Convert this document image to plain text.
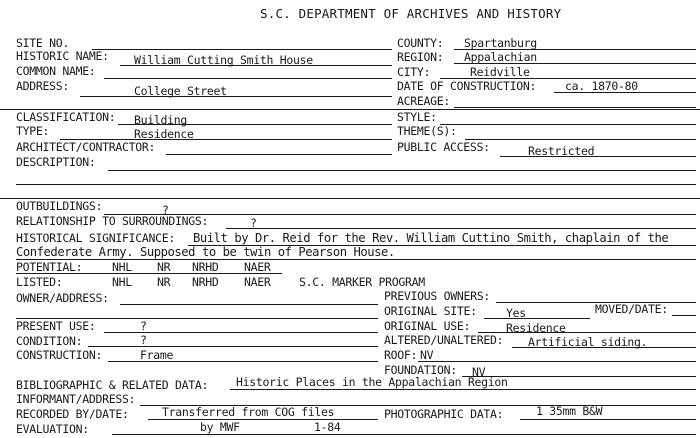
S.C. DEPARTMENT OF ARCHIVES AND HISTORY
SITE NO.
HISTORIC NAME: William Cutting Smith House
COMMON NAME:
ADDRESS:	College Street
COUNTY: Spartanburg
REGION: Appalachian
CITY:	Reidville
DATE OF CONSTRUCTION:	ca. 1870-80
ACREAGE:
CLASSIFICATION: Building
TYPE:	Residence
ARCHITECT/CONTRACTOR:
DESCRIPTION:
STYLE:
THEME(S):
PUBLIC ACCESS:	Restricted
OUTBUILDINGS:	?
RELATIONSHIP TO SURROUNDINGS:	?
HISTORICAL SIGNIFICANCE: Built by Dr. Reid for the Rev. William Cuttino Smith, chaplain of the
Confederate Army. Supposed to be twin of Pearson House.
POTENTIAL:	NHL NR NRHD NAER
LISTED:	NHL NR NRHD NAER S.C. MARKER PROGRAM
OWNER/ADDRESS:
PRESENT USE:	?
CONDITION:	?
CONSTRUCTION:	Frame
PREVIOUS OWNERS:
ORIGINAL SITE:	Yes	MOVED/DATE:
ORIGINAL USE:	Residence
ALTERED/UNALTERED: Artificial siding.
ROOF: NV
FOUNDATION: NV
BIBLIOGRAPHIC & RELATED DATA: Historic Places in the Appalachian Region
INFORMANT/ADDRESS:
RECORDED BY/DATE:	Transferred from COG files	PHOTOGRAPHIC DATA:	1 35mm B&W
EVALUATION:	by MWF	1-84
